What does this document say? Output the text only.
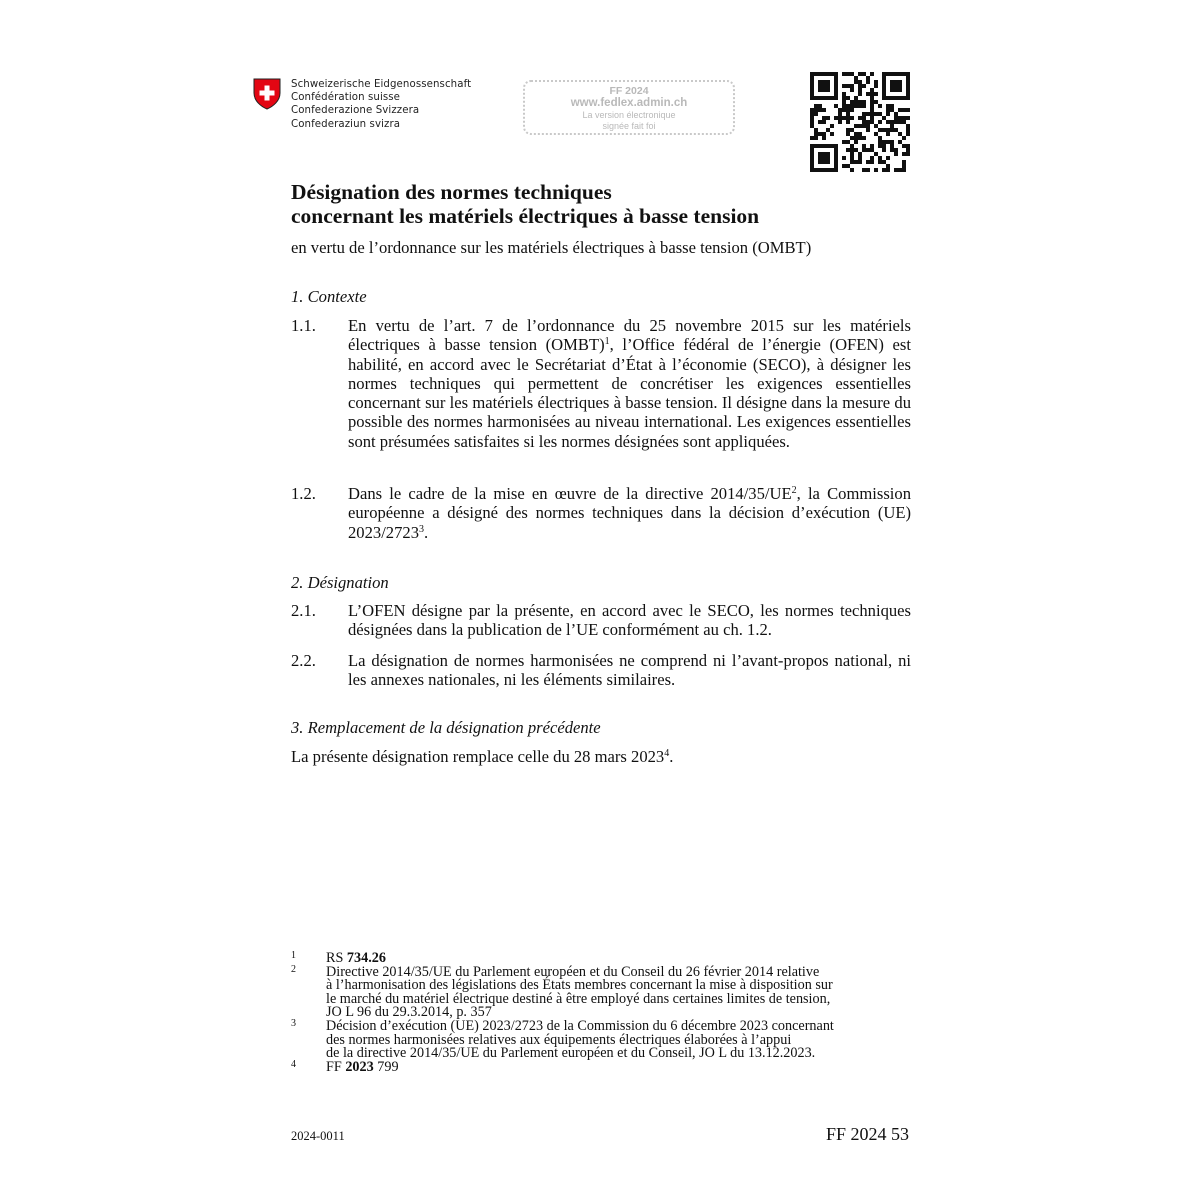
Schweizerische Eidgenossenschaft
Confédération suisse
Confederazione Svizzera
Confederaziun svizra
FF 2024
www.fedlex.admin.ch
La version électronique
signée fait foi
Désignation des normes techniques
concernant les matériels électriques à basse tension
en vertu de l’ordonnance sur les matériels électriques à basse tension (OMBT)
1. Contexte
1.1. En vertu de l’art. 7 de l’ordonnance du 25 novembre 2015 sur les matériels électriques à basse tension (OMBT)$^1$, l’Office fédéral de l’énergie (OFEN) est habilité, en accord avec le Secrétariat d’État à l’économie (SECO), à désigner les normes techniques qui permettent de concrétiser les exigences essentielles concernant sur les matériels électriques à basse tension. Il désigne dans la mesure du possible des normes harmonisées au niveau international. Les exigences essentielles sont présumées satisfaites si les normes désignées sont appliquées.
1.2. Dans le cadre de la mise en œuvre de la directive $2014/35/UE^2$, la Commission européenne a désigné des normes techniques dans la décision d’exécution (UE) 2023/2723$^3$.
2. Désignation
2.1. L’OFEN désigne par la présente, en accord avec le SECO, les normes techniques désignées dans la publication de l’UE conformément au ch. 1.2.
2.2. La désignation de normes harmonisées ne comprend ni l’avant-propos national, ni les annexes nationales, ni les éléments similaires.
3. Remplacement de la désignation précédente
La présente désignation remplace celle du 28 mars 2023$^4$.
1 RS 734.26
2 Directive 2014/35/UE du Parlement européen et du Conseil du 26 février 2014 relative
à l’harmonisation des législations des États membres concernant la mise à disposition sur
le marché du matériel électrique destiné à être employé dans certaines limites de tension,
JO L 96 du 29.3.2014, p. 357
3 Décision d’exécution (UE) 2023/2723 de la Commission du 6 décembre 2023 concernant
des normes harmonisées relatives aux équipements électriques élaborées à l’appui
de la directive 2014/35/UE du Parlement européen et du Conseil, JO L du 13.12.2023.
4 FF 2023 799
2024-0011	FF 2024 53
